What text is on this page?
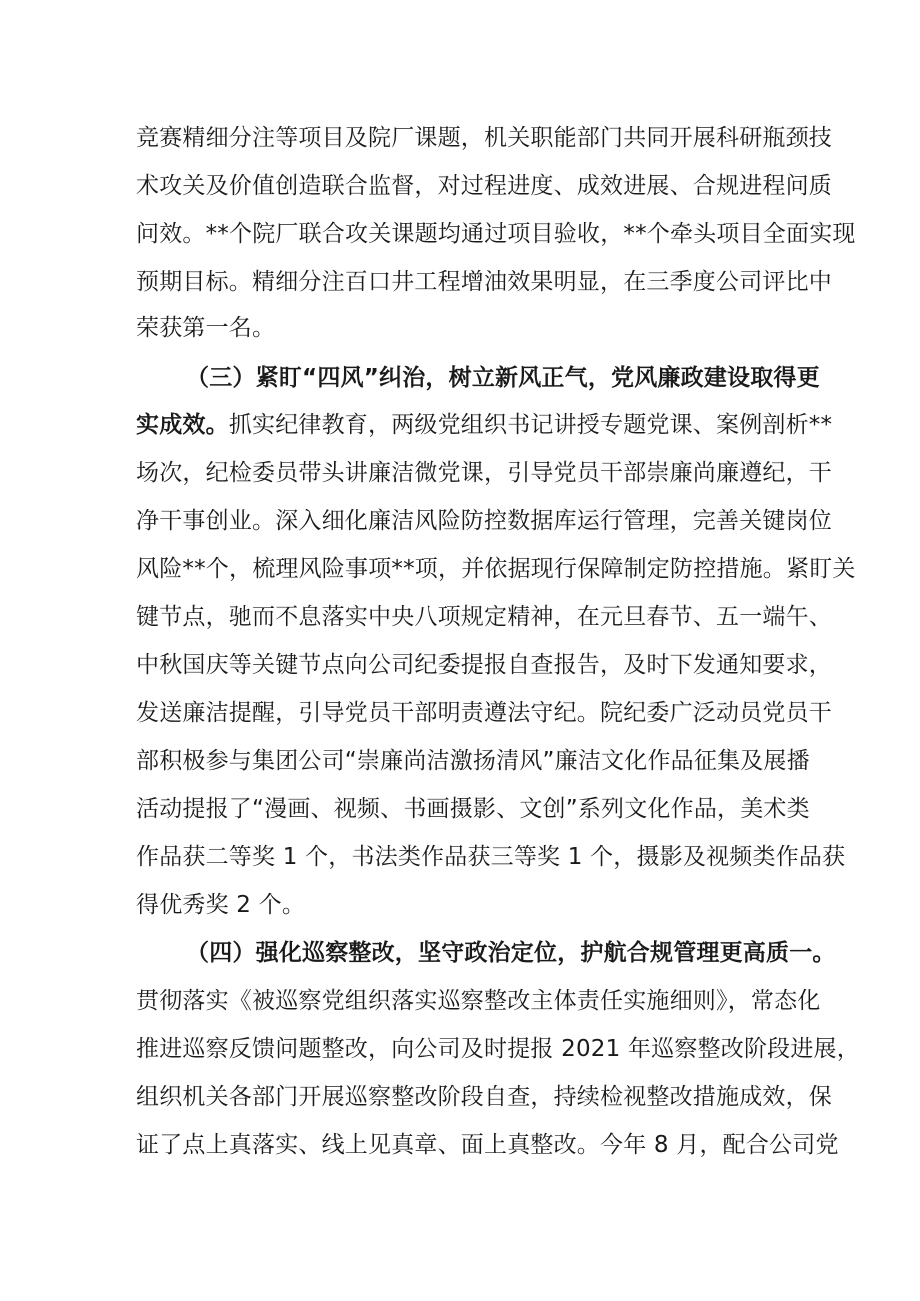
竞赛精细分注等项目及院厂课题，机关职能部门共同开展科研瓶颈技
术攻关及价值创造联合监督，对过程进度、成效进展、合规进程问质
问效。**个院厂联合攻关课题均通过项目验收，**个牵头项目全面实现
预期目标。精细分注百口井工程增油效果明显，在三季度公司评比中
荣获第一名。
（三）紧盯“四风”纠治，树立新风正气，党风廉政建设取得更
实成效。抓实纪律教育，两级党组织书记讲授专题党课、案例剖析**
场次，纪检委员带头讲廉洁微党课，引导党员干部崇廉尚廉遵纪，干
净干事创业。深入细化廉洁风险防控数据库运行管理，完善关键岗位
风险**个，梳理风险事项**项，并依据现行保障制定防控措施。紧盯关
键节点，驰而不息落实中央八项规定精神，在元旦春节、五一端午、
中秋国庆等关键节点向公司纪委提报自查报告，及时下发通知要求，
发送廉洁提醒，引导党员干部明责遵法守纪。院纪委广泛动员党员干
部积极参与集团公司“崇廉尚洁激扬清风”廉洁文化作品征集及展播
活动提报了“漫画、视频、书画摄影、文创”系列文化作品，美术类
作品获二等奖 1 个，书法类作品获三等奖 1 个，摄影及视频类作品获
得优秀奖 2 个。
（四）强化巡察整改，坚守政治定位，护航合规管理更高质一。
贯彻落实《被巡察党组织落实巡察整改主体责任实施细则》，常态化
推进巡察反馈问题整改，向公司及时提报 2021 年巡察整改阶段进展，
组织机关各部门开展巡察整改阶段自查，持续检视整改措施成效，保
证了点上真落实、线上见真章、面上真整改。今年 8 月，配合公司党
